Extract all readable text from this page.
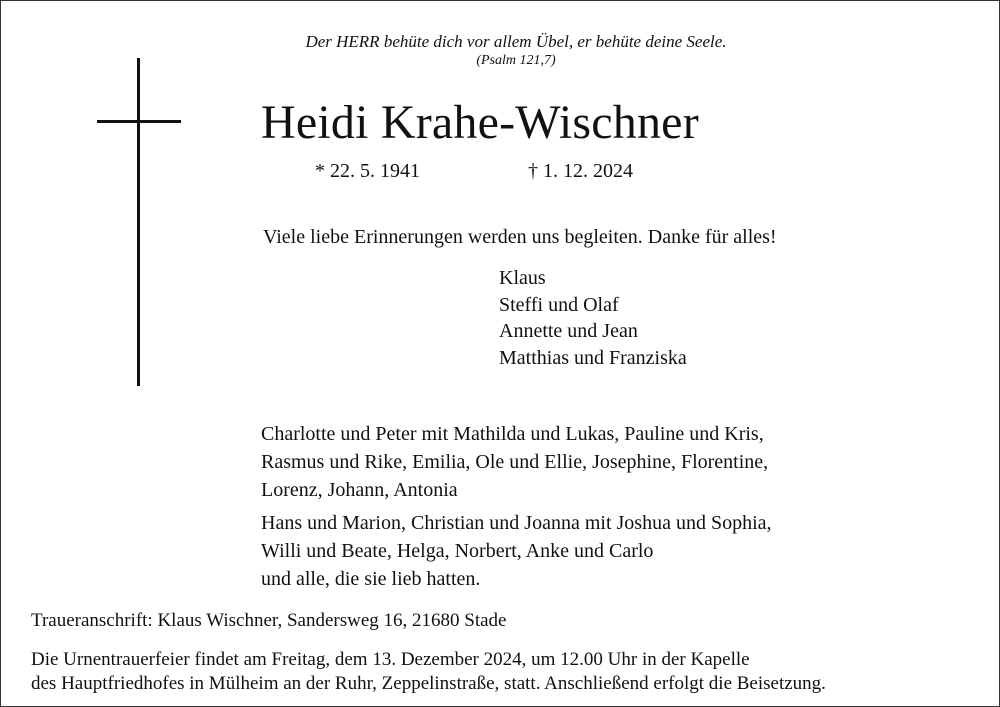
Der HERR behüte dich vor allem Übel, er behüte deine Seele.
(Psalm 121,7)
Heidi Krahe-Wischner
* 22. 5. 1941	† 1. 12. 2024
Viele liebe Erinnerungen werden uns begleiten. Danke für alles!
Klaus
Steffi und Olaf
Annette und Jean
Matthias und Franziska
Charlotte und Peter mit Mathilda und Lukas, Pauline und Kris,
Rasmus und Rike, Emilia, Ole und Ellie, Josephine, Florentine,
Lorenz, Johann, Antonia
Hans und Marion, Christian und Joanna mit Joshua und Sophia,
Willi und Beate, Helga, Norbert, Anke und Carlo
und alle, die sie lieb hatten.
Traueranschrift: Klaus Wischner, Sandersweg 16, 21680 Stade
Die Urnentrauerfeier findet am Freitag, dem 13. Dezember 2024, um 12.00 Uhr in der Kapelle
des Hauptfriedhofes in Mülheim an der Ruhr, Zeppelinstraße, statt. Anschließend erfolgt die Beisetzung.
